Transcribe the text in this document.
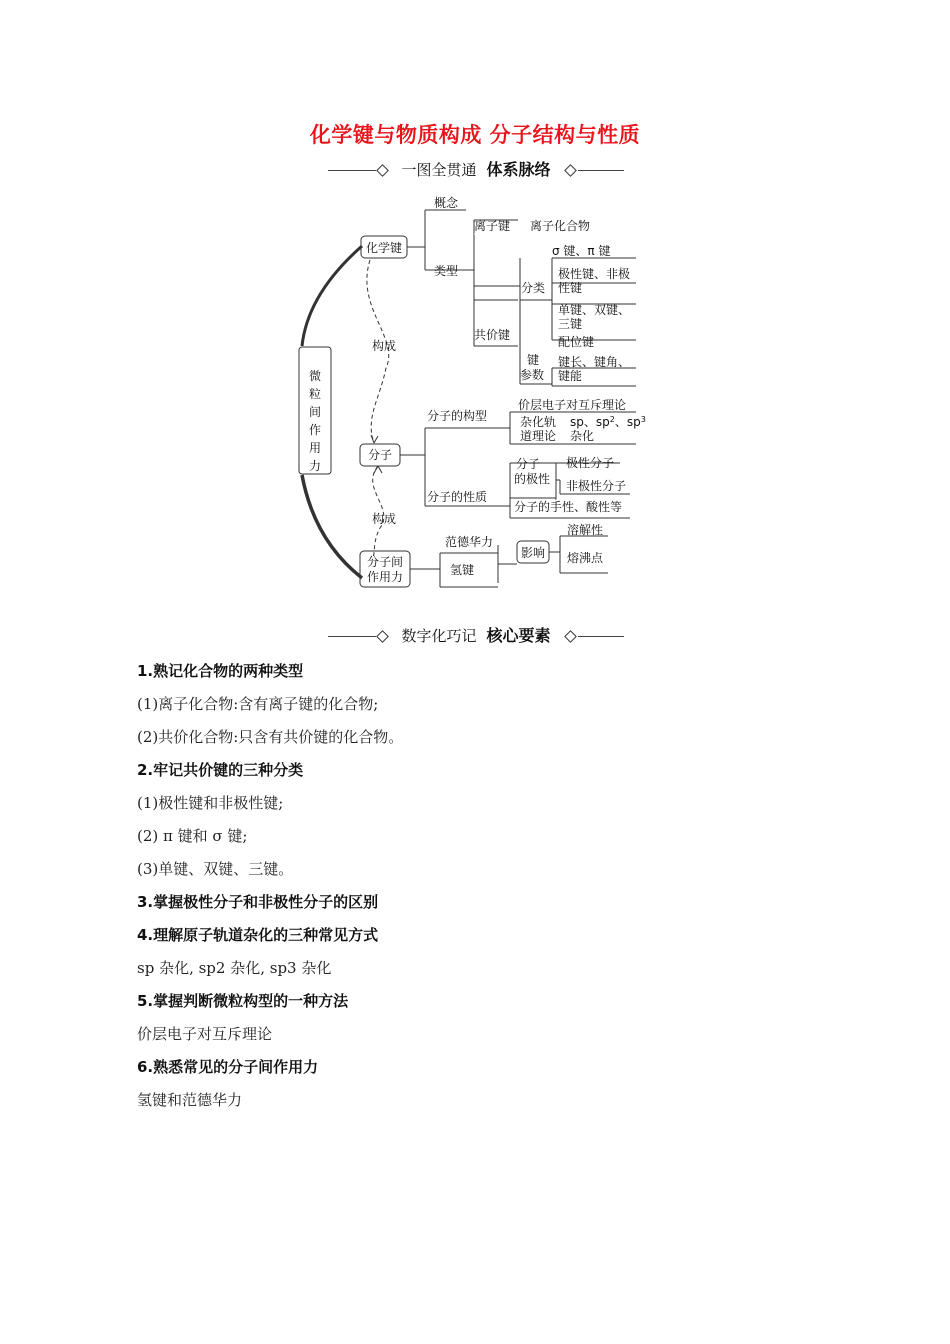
化学键与物质构成 分子结构与性质
一图全贯通 体系脉络
微
粒
间
作
用
力
化学键
概念
类型
离子键 离子化合物
共价键
分类
σ 键、π 键
极性键、非极
性键
单键、双键、
三键
配位键
键
参数
键长、键角、
键能
构成
构成
分子
分子的构型
价层电子对互斥理论
杂化轨
道理论
sp、$sp^2$、$sp^3$
杂化
分子的性质
分子
的极性
极性分子
非极性分子
分子的手性、酸性等
分子间
作用力
范德华力
氢键
影响
溶解性
熔沸点
数字化巧记 核心要素
1.熟记化合物的两种类型
(1)离子化合物:含有离子键的化合物;
(2)共价化合物:只含有共价键的化合物。
2.牢记共价键的三种分类
(1)极性键和非极性键;
(2) π 键和 σ 键;
(3)单键、双键、三键。
3.掌握极性分子和非极性分子的区别
4.理解原子轨道杂化的三种常见方式
sp 杂化, sp2 杂化, sp3 杂化
5.掌握判断微粒构型的一种方法
价层电子对互斥理论
6.熟悉常见的分子间作用力
氢键和范德华力
